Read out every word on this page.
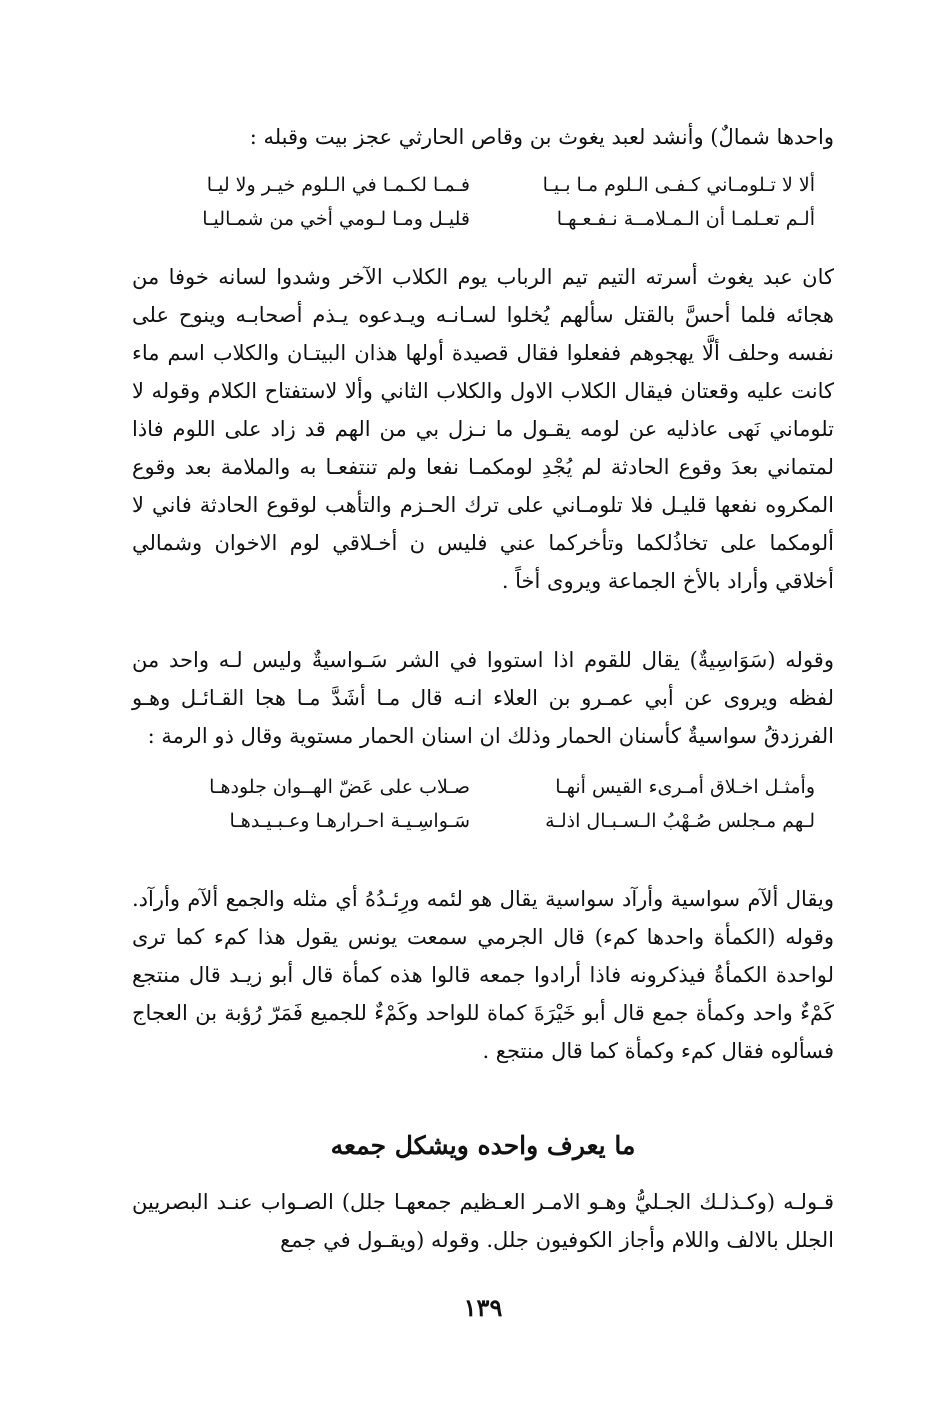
واحدها شمالٌ) وأنشد لعبد يغوث بن وقاص الحارثي عجز بيت وقبله :

ألا لا تـلومـاني كـفـى الـلوم مـا بـيـا
فـمـا لكـمـا في الـلوم خيـر ولا ليـا
ألـم تعـلمـا أن الـمـلامــة نـفـعـهـا
قليـل ومـا لـومي أخي من شمـاليـا

كان عبد يغوث أسرته التيم تيم الرباب يوم الكلاب الآخر وشدوا لسانه خوفا من هجائه فلما أحسَّ بالقتل سألهم يُخلوا لسـانـه ويـدعوه يـذم أصحابـه وينوح على نفسه وحلف ألَّا يهجوهم ففعلوا فقال قصيدة أولها هذان البيتـان والكلاب اسم ماء كانت عليه وقعتان فيقال الكلاب الاول والكلاب الثاني وألا لاستفتاح الكلام وقوله لا تلوماني نَهى عاذليه عن لومه يقـول ما نـزل بي من الهم قد زاد على اللوم فاذا لمتماني بعدَ وقوع الحادثة لم يُجْدِ لومكمـا نفعا ولم تنتفعـا به والملامة بعد وقوع المكروه نفعها قليـل فلا تلومـاني على ترك الحـزم والتأهب لوقوع الحادثة فاني لا ألومكما على تخاذُلكما وتأخركما عني فليس ن أخـلاقي لوم الاخوان وشمالي أخلاقي وأراد بالأخ الجماعة ويروى أخاً .

وقوله (سَوَاسِيةٌ) يقال للقوم اذا استووا في الشر سَـواسيةٌ وليس لـه واحد من لفظه ويروى عن أبي عمـرو بن العلاء انـه قال مـا أشَدَّ مـا هجا القـائـل وهـو الفرزدقُ سواسيةٌ كأسنان الحمار وذلك ان اسنان الحمار مستوية وقال ذو الرمة :

وأمثـل اخـلاق أمـرىء القيس أنهـا
صـلاب على عَضّ الهــوان جلودهـا
لـهم مـجلس صُـهْبُ الـسـبـال اذلـة
سَـواسِـيـة احـرارهـا وعـبـيـدهـا

ويقال ألآم سواسية وأرآد سواسية يقال هو لئمه ورِئـدُهُ أي مثله والجمع ألآم وأرآد. وقوله (الكمأة واحدها كمء) قال الجرمي سمعت يونس يقول هذا كمء كما ترى لواحدة الكمأةُ فيذكرونه فاذا أرادوا جمعه قالوا هذه كمأة قال أبو زيـد قال منتجع كَمْءٌ واحد وكمأة جمع قال أبو خَيْرَةَ كماة للواحد وكَمْءٌ للجميع فَمَرّ رُؤبة بن العجاج فسألوه فقال كمء وكمأة كما قال منتجع .

ما يعرف واحده ويشكل جمعه

قـولـه (وكـذلـك الجـليُّ وهـو الامـر العـظيم جمعهـا جلل) الصـواب عنـد البصريين الجلل بالالف واللام وأجاز الكوفيون جلل. وقوله (ويقـول في جمع

١٣٩
